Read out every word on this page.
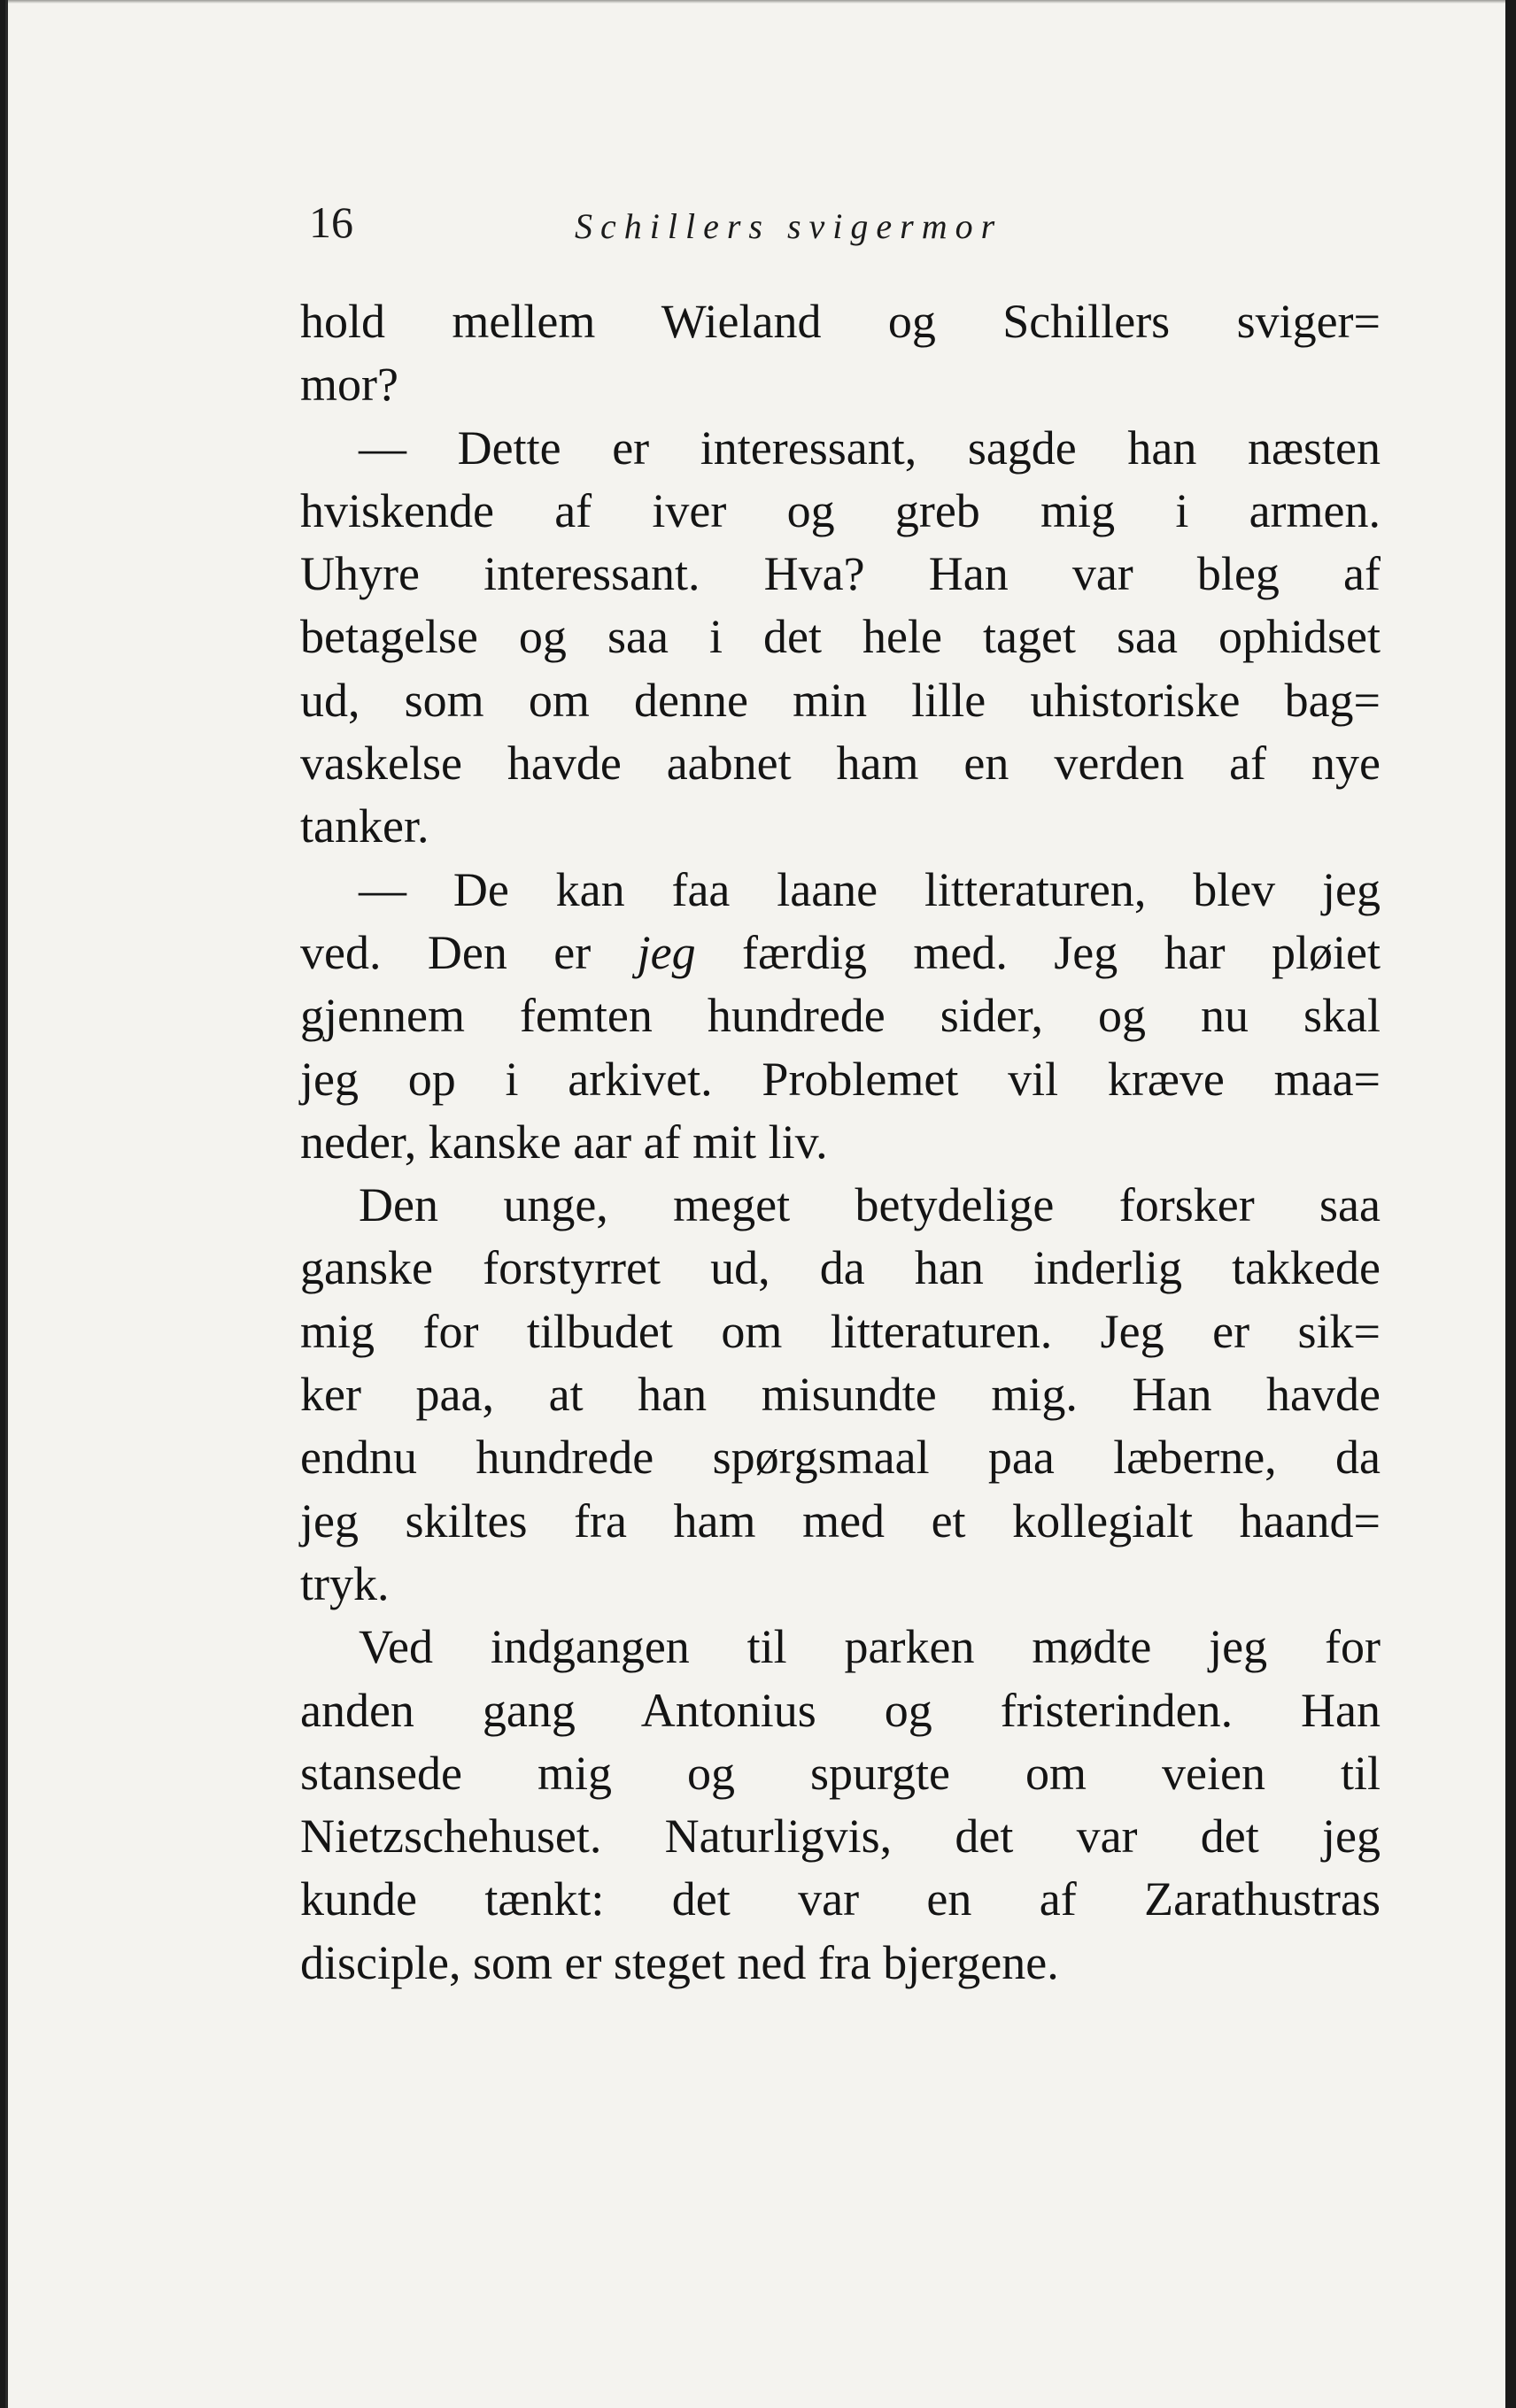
16	Schillers svigermor
hold mellem Wieland og Schillers sviger=
mor?
— Dette er interessant, sagde han næsten
hviskende af iver og greb mig i armen.
Uhyre interessant. Hva? Han var bleg af
betagelse og saa i det hele taget saa ophidset
ud, som om denne min lille uhistoriske bag=
vaskelse havde aabnet ham en verden af nye
tanker.
— De kan faa laane litteraturen, blev jeg
ved. Den er jeg færdig med. Jeg har pløiet
gjennem femten hundrede sider, og nu skal
jeg op i arkivet. Problemet vil kræve maa=
neder, kanske aar af mit liv.
Den unge, meget betydelige forsker saa
ganske forstyrret ud, da han inderlig takkede
mig for tilbudet om litteraturen. Jeg er sik=
ker paa, at han misundte mig. Han havde
endnu hundrede spørgsmaal paa læberne, da
jeg skiltes fra ham med et kollegialt haand=
tryk.
Ved indgangen til parken mødte jeg for
anden gang Antonius og fristerinden. Han
stansede mig og spurgte om veien til
Nietzschehuset. Naturligvis, det var det jeg
kunde tænkt: det var en af Zarathustras
disciple, som er steget ned fra bjergene.
